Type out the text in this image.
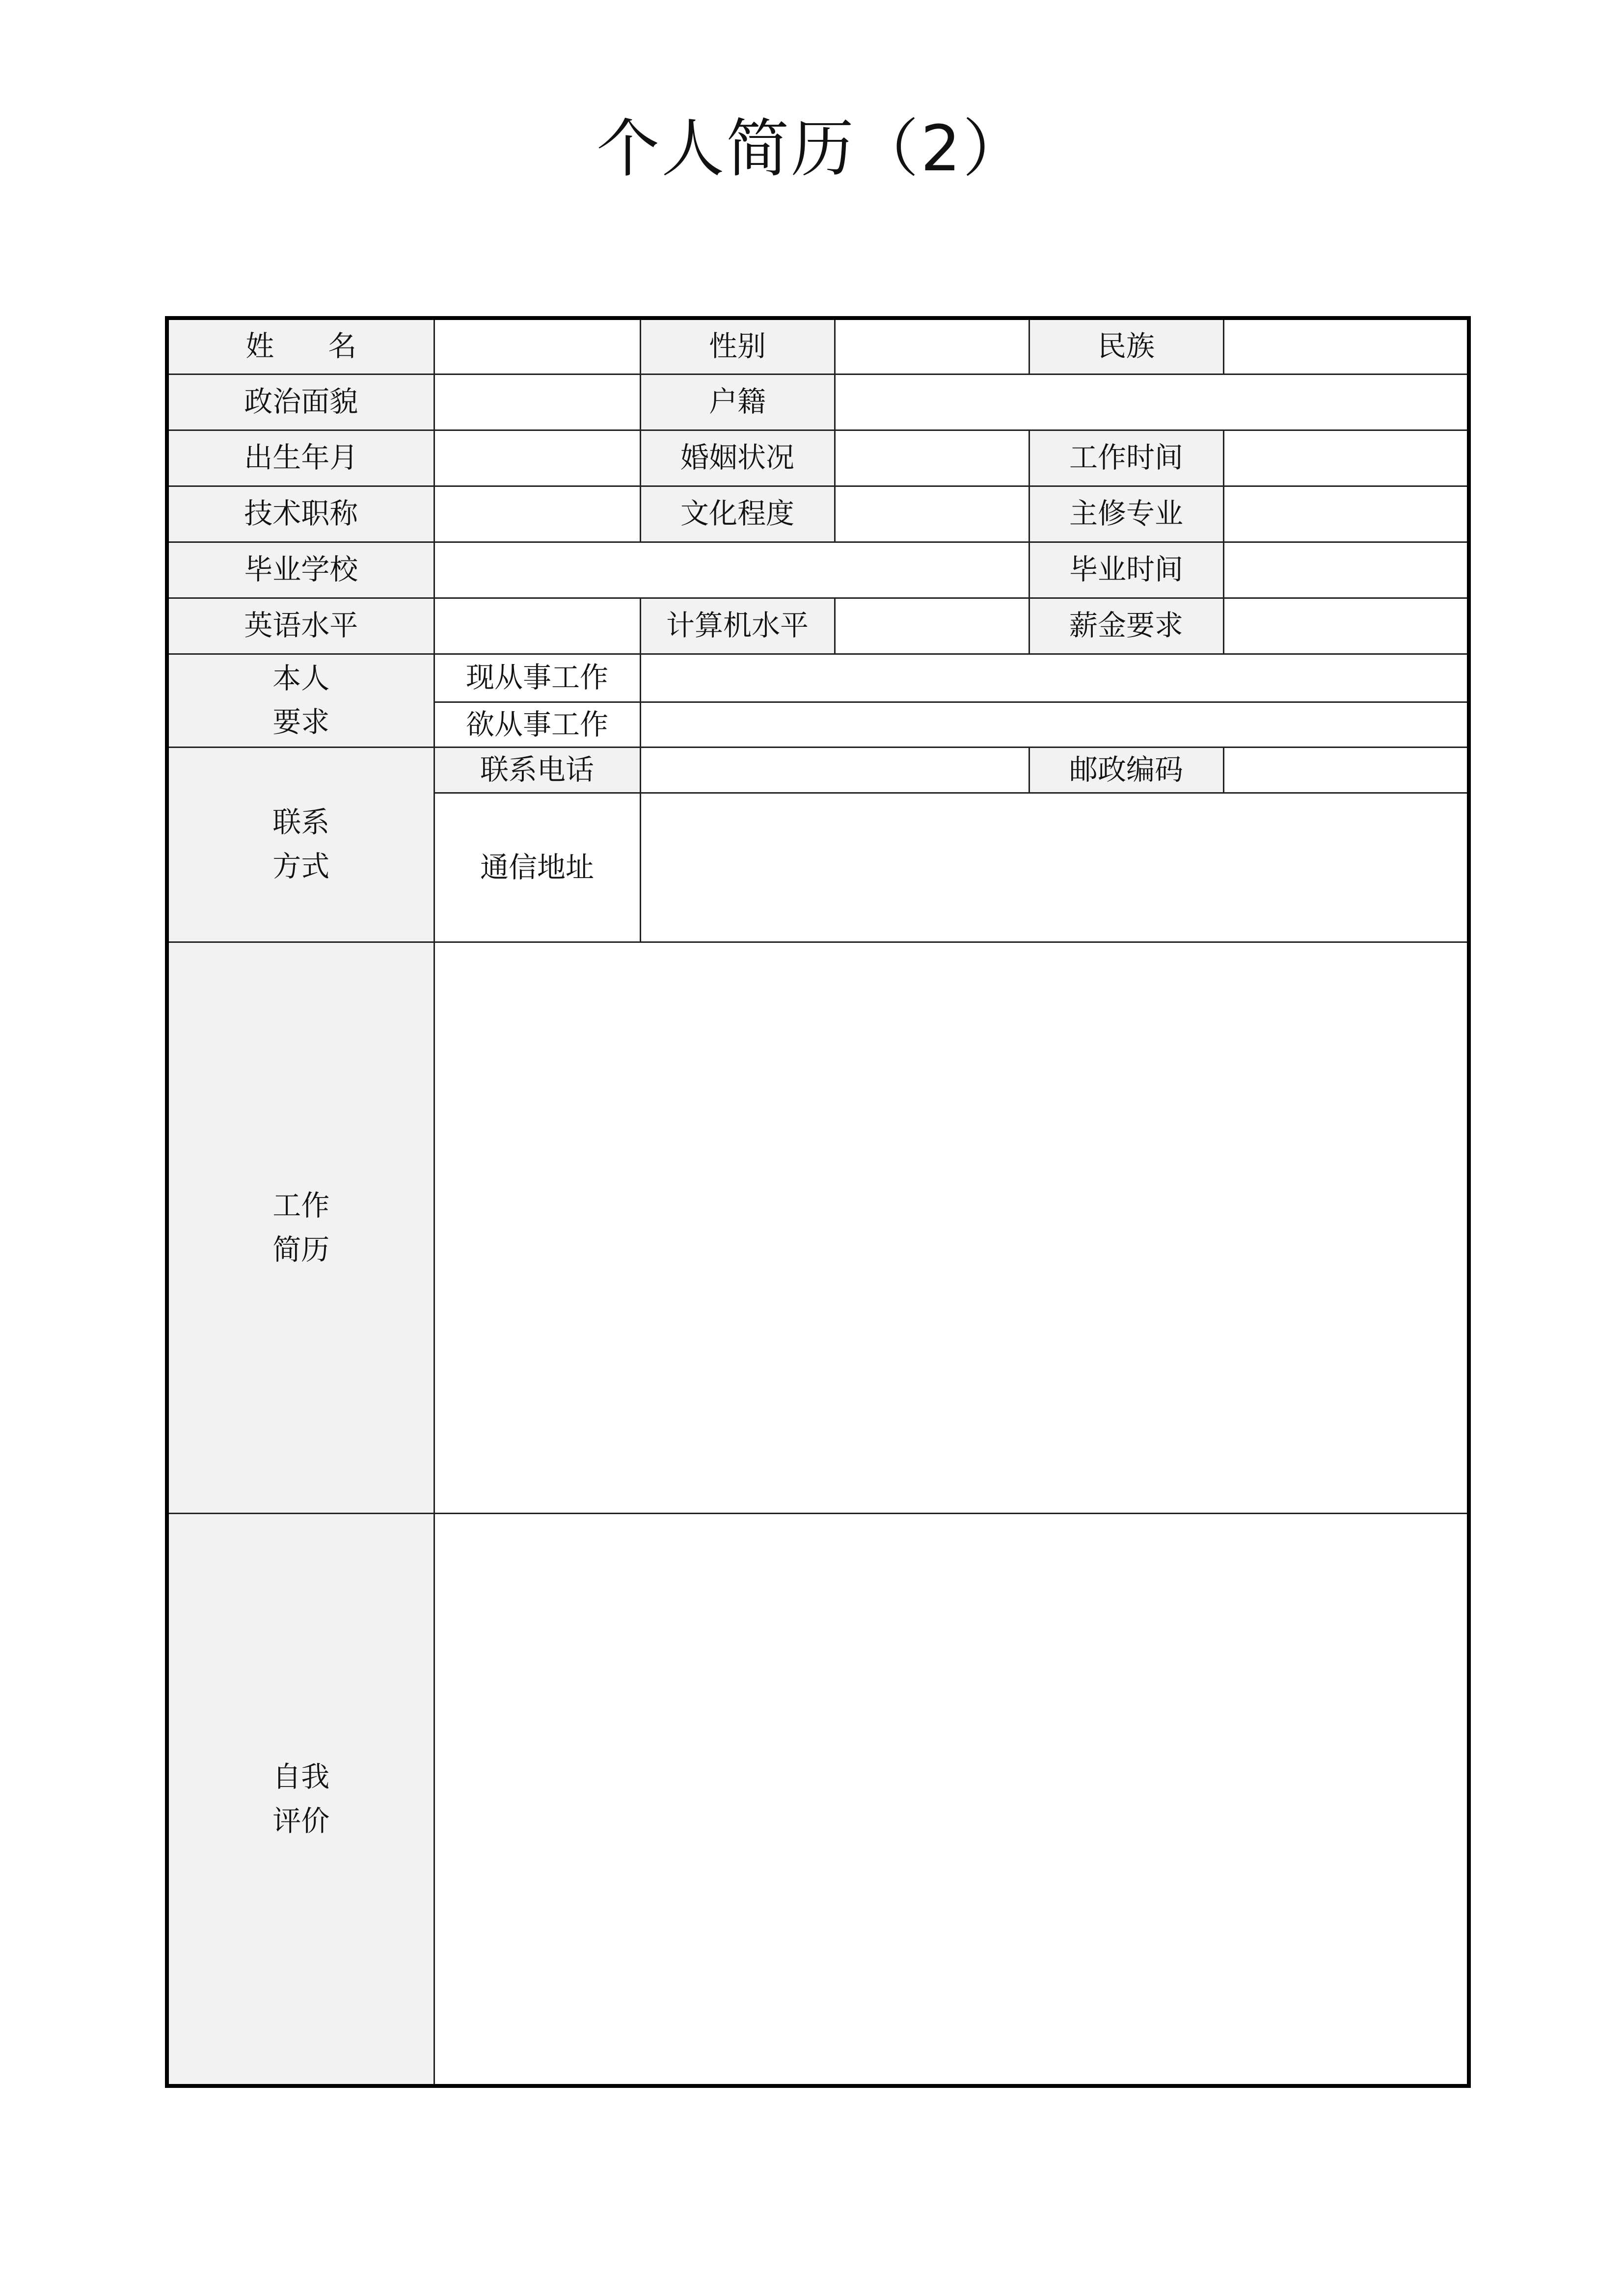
个人简历（2）
姓名		性别		民族	
政治面貌		户籍			
出生年月		婚姻状况		工作时间	
技术职称		文化程度		主修专业	
毕业学校				毕业时间	
英语水平		计算机水平		薪金要求	

本人
要求	现从事工作				
	欲从事工作				

联系
方式	联系电话			邮政编码	
	通信地址				

工作
简历					

自我
评价					
